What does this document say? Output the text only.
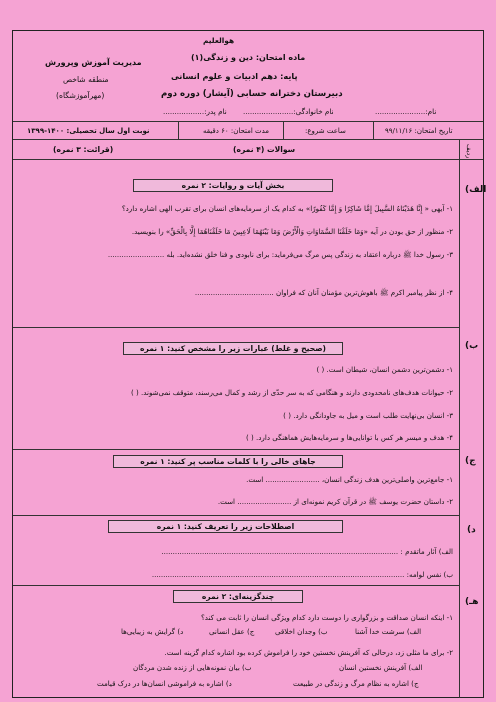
هوالعلیم
ماده امتحان: دین و زندگی(۱)
پایه: دهم ادبیات و علوم انسانی
دبیرستان دخترانه حسابی (آیشار) دوره دوم
مدیریت آموزش وپرورش
منطقه شاخص
(مهرآموزشگاه)
نام:......................
نام خانوادگی:......................
نام پدر:..................
تاریخ امتحان: ۹۹/۱۱/۱۶
ساعت شروع:
مدت امتحان: ۶۰ دقیقه
نوبت اول سال تحصیلی: ۱۴۰۰-۱۳۹۹
ردیف
سوالات (۴ نمره)
(قرائت: ۳ نمره)
الف)
ب)
ج)
د)
هـ)
بخش آیات و روایات: ۲ نمره
۱- آیهی « إِنَّا هَدَيْنَاهُ السَّبِيلَ إِمَّا شَاكِرًا وَ إِمَّا كَفُورًا» به کدام یک از سرمایه‌های انسان برای تقرب الهی اشاره دارد؟
۲- منظور از حق بودن در آیه «وَمَا خَلَقْنَا السَّمَاوَاتِ وَالْأَرْضَ وَمَا بَيْنَهُمَا لَاعِبِينَ مَا خَلَقْنَاهُمَا إِلَّا بِالْحَقِّ» را بنویسید.
۳- رسول خدا ﷺ درباره اعتقاد به زندگی پس مرگ می‌فرماید: برای نابودی و فنا خلق نشده‌اید. بله .........................
۴- از نظر پیامبر اکرم ﷺ باهوش‌ترین مؤمنان آنان که فراوان ...................................
(صحیح و غلط) عبارات زیر را مشخص کنید: ۱ نمره
۱- دشمن‌ترین دشمن انسان، شیطان است. ( )
۲- حیوانات هدف‌های نامحدودی دارند و هنگامی که به سر حدّی از رشد و کمال می‌رسند، متوقف نمی‌شوند. ( )
۳- انسان بی‌نهایت طلب است و میل به جاودانگی دارد. ( )
۴- هدف و میسر هر کس با توانایی‌ها و سرمایه‌هایش هماهنگی دارد. ( )
جاهای خالی را با کلمات مناسب پر کنید: ۱ نمره
۱- جامع‌ترین واصلی‌ترین هدف زندگی انسان، ........................ است.
۲- داستان حضرت یوسف ﷺ در قرآن کریم نمونه‌ای از ........................ است.
اصطلاحات زیر را تعریف کنید: ۱ نمره
الف) آثار ماتقدم : .........................................................................................................
ب) نفس لوامه: ................................................................................................................
چندگزینه‌ای: ۲ نمره
۱- اینکه انسان صداقت و بزرگواری را دوست دارد کدام ویژگی انسان را ثابت می کند؟
الف) سرشت خدا آشنا
ب) وجدان اخلاقی
ج) عقل انسانی
د) گرایش به زیبایی‌ها
۲- برای ما مثلی زد، درحالی که آفرینش نخستین خود را فراموش کرده بود اشاره کدام گزینه است.
الف) آفرینش نخستین انسان
ب) بیان نمونه‌هایی از زنده شدن مردگان
ج) اشاره به نظام مرگ و زندگی در طبیعت
د) اشاره به فراموشی انسان‌ها در درک قیامت
